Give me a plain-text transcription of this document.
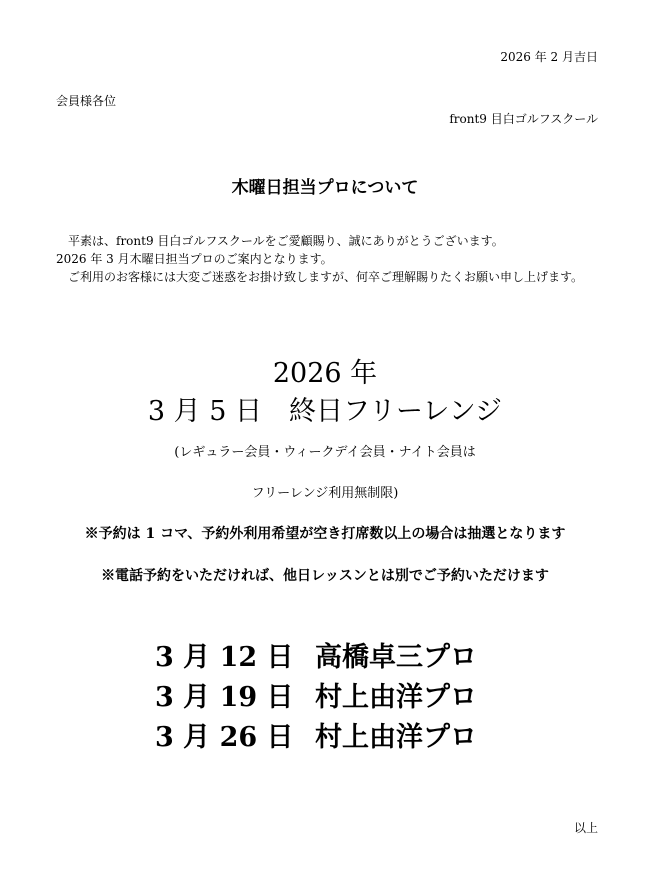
2026 年 2 月吉日
会員様各位
front9 目白ゴルフスクール
木曜日担当プロについて

平素は、front9 目白ゴルフスクールをご愛顧賜り、誠にありがとうございます。

2026 年 3 月木曜日担当プロのご案内となります。

ご利用のお客様には大変ご迷惑をお掛け致しますが、何卒ご理解賜りたくお願い申し上げます。

2026 年
3 月 5 日　終日フリーレンジ
(レギュラー会員・ウィークデイ会員・ナイト会員は
フリーレンジ利用無制限)
※予約は 1 コマ、予約外利用希望が空き打席数以上の場合は抽選となります
※電話予約をいただければ、他日レッスンとは別でご予約いただけます
3 月 12 日 高橋卓三プロ
3 月 19 日 村上由洋プロ
3 月 26 日 村上由洋プロ
以上
